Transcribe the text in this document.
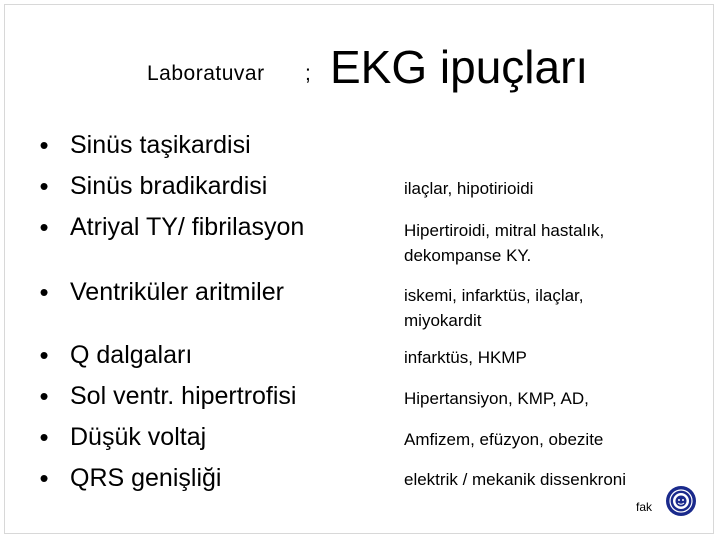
Laboratuvar ; EKG ipuçları
• Sinüs taşikardisi
• Sinüs bradikardisi
• Atriyal TY/ fibrilasyon
• Ventriküler aritmiler
• Q dalgaları
• Sol ventr. hipertrofisi
• Düşük voltaj
• QRS genişliği
ilaçlar, hipotirioidi
Hipertiroidi, mitral hastalık,
dekompanse KY.
iskemi, infarktüs, ilaçlar,
miyokardit
infarktüs, HKMP
Hipertansiyon, KMP, AD,
Amfizem, efüzyon, obezite
elektrik / mekanik dissenkroni
fak
